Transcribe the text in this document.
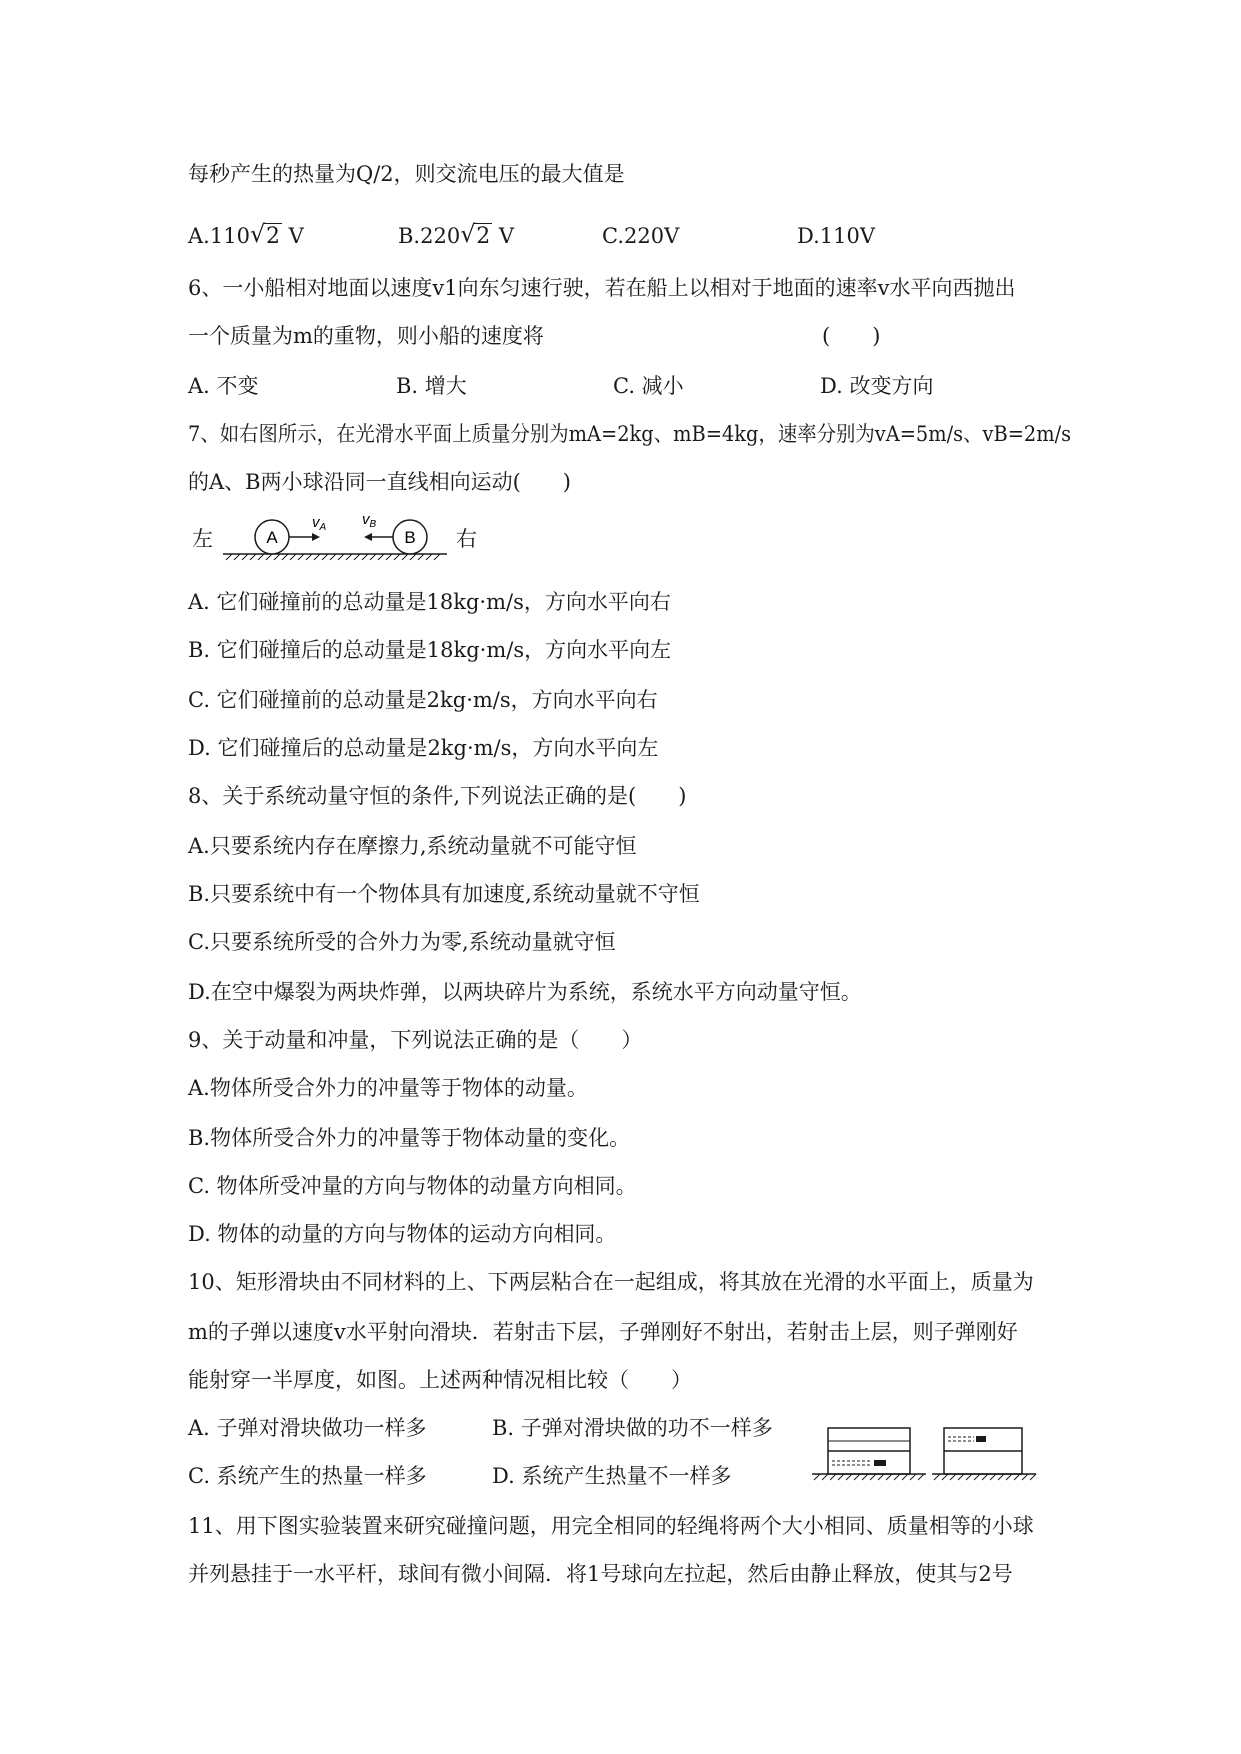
每秒产生的热量为Q/2，则交流电压的最大值是
A.110 √ 2 V	B.220 √ 2 V	C.220V	D.110V
6、一小船相对地面以速度v1向东匀速行驶，若在船上以相对于地面的速率v水平向西抛出
一个质量为m的重物，则小船的速度将	(　　)
A. 不变	B. 增大	C. 减小	D. 改变方向
7、如右图所示，在光滑水平面上质量分别为mA=2kg、mB=4kg，速率分别为vA=5m/s、vB=2m/s
的A、B两小球沿同一直线相向运动(　　)
左	右
A
$v_A$
B
$v_B$
A. 它们碰撞前的总动量是18kg·m/s，方向水平向右
B. 它们碰撞后的总动量是18kg·m/s，方向水平向左
C. 它们碰撞前的总动量是2kg·m/s，方向水平向右
D. 它们碰撞后的总动量是2kg·m/s，方向水平向左
8、关于系统动量守恒的条件,下列说法正确的是(　　)
A.只要系统内存在摩擦力,系统动量就不可能守恒
B.只要系统中有一个物体具有加速度,系统动量就不守恒
C.只要系统所受的合外力为零,系统动量就守恒
D.在空中爆裂为两块炸弹，以两块碎片为系统，系统水平方向动量守恒。
9、关于动量和冲量，下列说法正确的是（　　）
A.物体所受合外力的冲量等于物体的动量。
B.物体所受合外力的冲量等于物体动量的变化。
C. 物体所受冲量的方向与物体的动量方向相同。
D. 物体的动量的方向与物体的运动方向相同。
10、矩形滑块由不同材料的上、下两层粘合在一起组成，将其放在光滑的水平面上，质量为
m的子弹以速度v水平射向滑块．若射击下层，子弹刚好不射出，若射击上层，则子弹刚好
能射穿一半厚度，如图。上述两种情况相比较（　　）
A. 子弹对滑块做功一样多	B. 子弹对滑块做的功不一样多
C. 系统产生的热量一样多	D. 系统产生热量不一样多
11、用下图实验装置来研究碰撞问题，用完全相同的轻绳将两个大小相同、质量相等的小球
并列悬挂于一水平杆，球间有微小间隔．将1号球向左拉起，然后由静止释放，使其与2号
